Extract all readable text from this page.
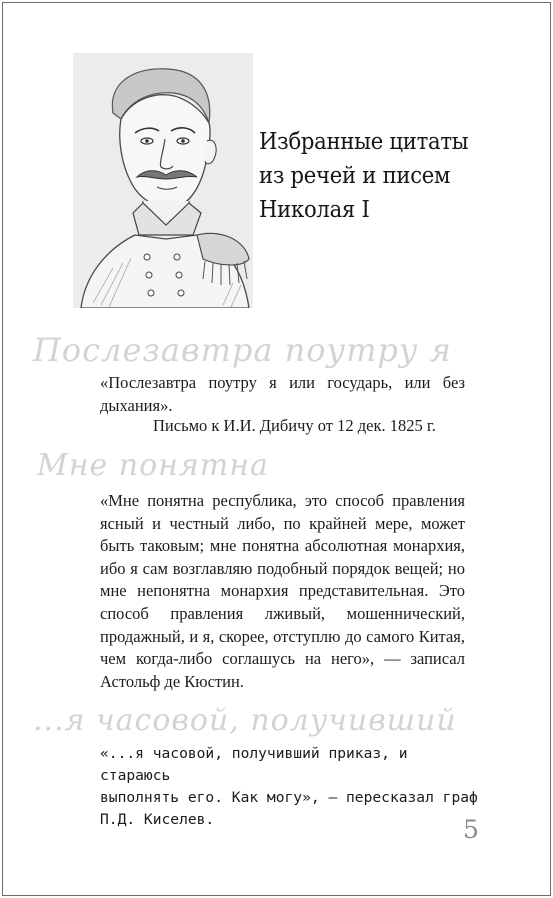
Избранные цитаты
из речей и писем
Николая I
Послезавтра поутру я

«Послезавтра поутру я или государь, или без дыхания».

Письмо к И.И. Дибичу от 12 дек. 1825 г.
Мне понятна

«Мне понятна республика, это способ правления ясный и честный либо, по крайней мере, может быть таковым; мне понятна абсолютная монархия, ибо я сам возглавляю подобный порядок вещей; но мне непонятна монархия представительная. Это способ правления лживый, мошеннический, продажный, и я, скорее, отступлю до самого Китая, чем когда-либо соглашусь на него», — записал Астольф де Кюстин.

...я часовой, получивший
«...я часовой, получивший приказ, и стараюсь
выполнять его. Как могу», — пересказал граф
П.Д. Киселев.	5
